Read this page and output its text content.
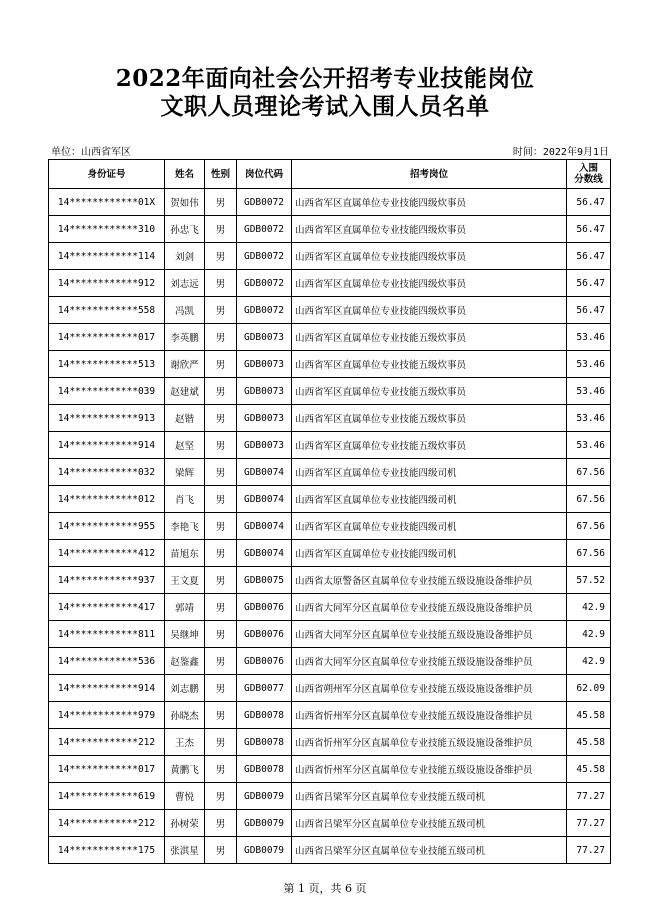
2022年面向社会公开招考专业技能岗位
文职人员理论考试入围人员名单
单位：山西省军区	时间：2022年9月1日
身份证号	姓名	性别	岗位代码	招考岗位	入围
分数线
14************01X	贺如伟	男	GDB0072	山西省军区直属单位专业技能四级炊事员	56.47
14************310	孙忠飞	男	GDB0072	山西省军区直属单位专业技能四级炊事员	56.47
14************114	刘剑	男	GDB0072	山西省军区直属单位专业技能四级炊事员	56.47
14************912	刘志远	男	GDB0072	山西省军区直属单位专业技能四级炊事员	56.47
14************558	冯凯	男	GDB0072	山西省军区直属单位专业技能四级炊事员	56.47
14************017	李英鹏	男	GDB0073	山西省军区直属单位专业技能五级炊事员	53.46
14************513	谢欣严	男	GDB0073	山西省军区直属单位专业技能五级炊事员	53.46
14************039	赵建斌	男	GDB0073	山西省军区直属单位专业技能五级炊事员	53.46
14************913	赵锴	男	GDB0073	山西省军区直属单位专业技能五级炊事员	53.46
14************914	赵坚	男	GDB0073	山西省军区直属单位专业技能五级炊事员	53.46
14************032	梁辉	男	GDB0074	山西省军区直属单位专业技能四级司机	67.56
14************012	肖飞	男	GDB0074	山西省军区直属单位专业技能四级司机	67.56
14************955	李艳飞	男	GDB0074	山西省军区直属单位专业技能四级司机	67.56
14************412	苗旭东	男	GDB0074	山西省军区直属单位专业技能四级司机	67.56
14************937	王文夏	男	GDB0075	山西省太原警备区直属单位专业技能五级设施设备维护员	57.52
14************417	郭靖	男	GDB0076	山西省大同军分区直属单位专业技能五级设施设备维护员	42.9
14************811	吴继坤	男	GDB0076	山西省大同军分区直属单位专业技能五级设施设备维护员	42.9
14************536	赵鉴鑫	男	GDB0076	山西省大同军分区直属单位专业技能五级设施设备维护员	42.9
14************914	刘志鹏	男	GDB0077	山西省朔州军分区直属单位专业技能五级设施设备维护员	62.09
14************979	孙晓杰	男	GDB0078	山西省忻州军分区直属单位专业技能五级设施设备维护员	45.58
14************212	王杰	男	GDB0078	山西省忻州军分区直属单位专业技能五级设施设备维护员	45.58
14************017	黄鹏飞	男	GDB0078	山西省忻州军分区直属单位专业技能五级设施设备维护员	45.58
14************619	曹悦	男	GDB0079	山西省吕梁军分区直属单位专业技能五级司机	77.27
14************212	孙树荣	男	GDB0079	山西省吕梁军分区直属单位专业技能五级司机	77.27
14************175	张淇星	男	GDB0079	山西省吕梁军分区直属单位专业技能五级司机	77.27
第 1 页，共 6 页
